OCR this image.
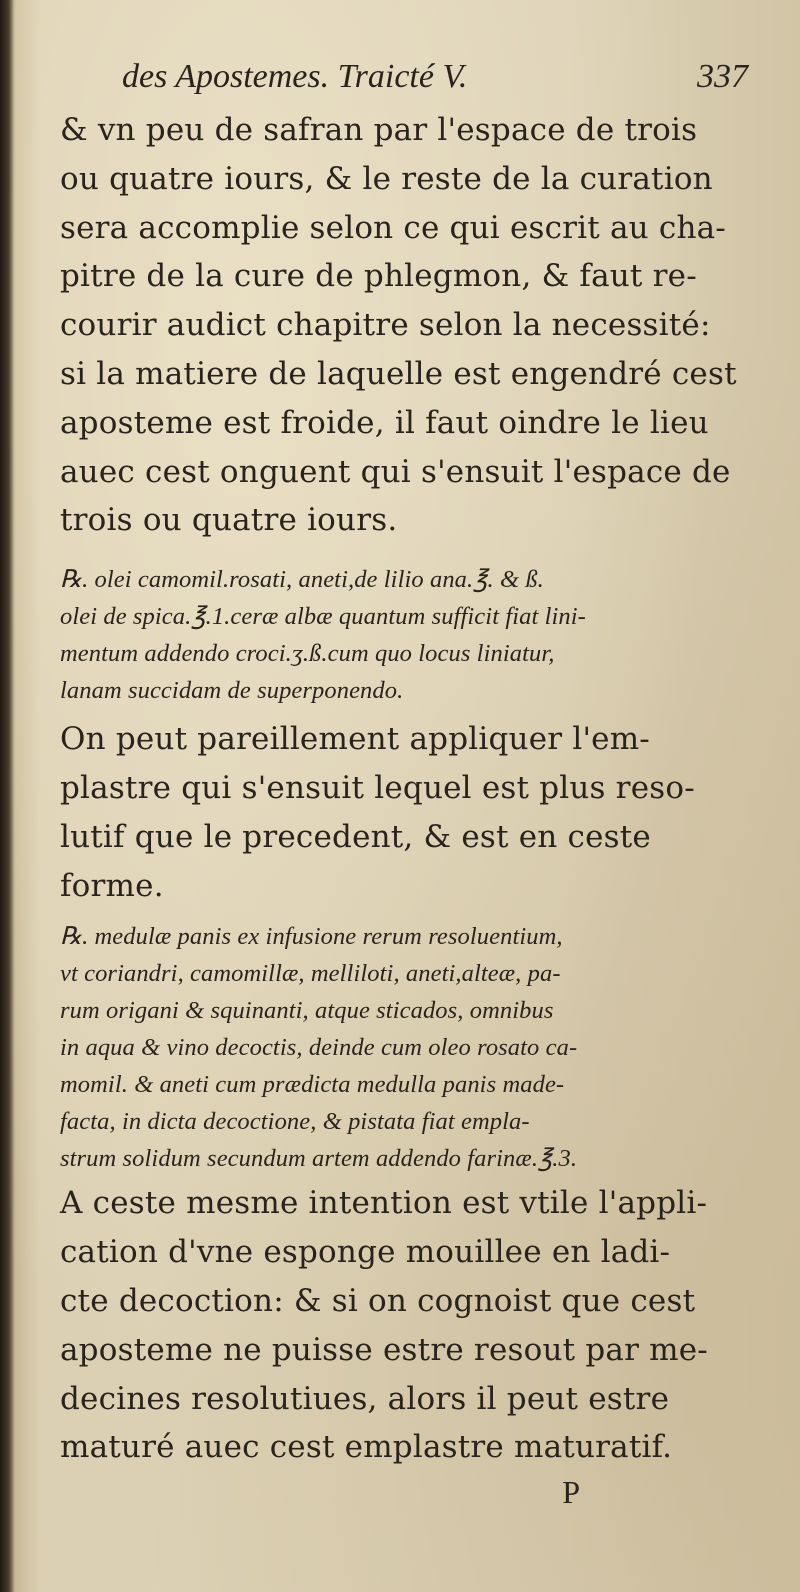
des Apostemes. Traicté V.	337
& vn peu de safran par l'espace de trois
ou quatre iours, & le reste de la curation
sera accomplie selon ce qui escrit au cha-
pitre de la cure de phlegmon, & faut re-
courir audict chapitre selon la necessité:
si la matiere de laquelle est engendré cest
aposteme est froide, il faut oindre le lieu
auec cest onguent qui s'ensuit l'espace de
trois ou quatre iours.
℞. olei camomil.rosati, aneti,de lilio ana.℥. & ß.
olei de spica.℥.1.ceræ albæ quantum sufficit fiat lini-
mentum addendo croci.ʒ.ß.cum quo locus liniatur,
lanam succidam de superponendo.
On peut pareillement appliquer l'em-
plastre qui s'ensuit lequel est plus reso-
lutif que le precedent, & est en ceste
forme.
℞. medulæ panis ex infusione rerum resoluentium,
vt coriandri, camomillæ, melliloti, aneti,alteæ, pa-
rum origani & squinanti, atque sticados, omnibus
in aqua & vino decoctis, deinde cum oleo rosato ca-
momil. & aneti cum prædicta medulla panis made-
facta, in dicta decoctione, & pistata fiat empla-
strum solidum secundum artem addendo farinæ.℥.3.
A ceste mesme intention est vtile l'appli-
cation d'vne esponge mouillee en ladi-
cte decoction: & si on cognoist que cest
aposteme ne puisse estre resout par me-
decines resolutiues, alors il peut estre
maturé auec cest emplastre maturatif.
P
